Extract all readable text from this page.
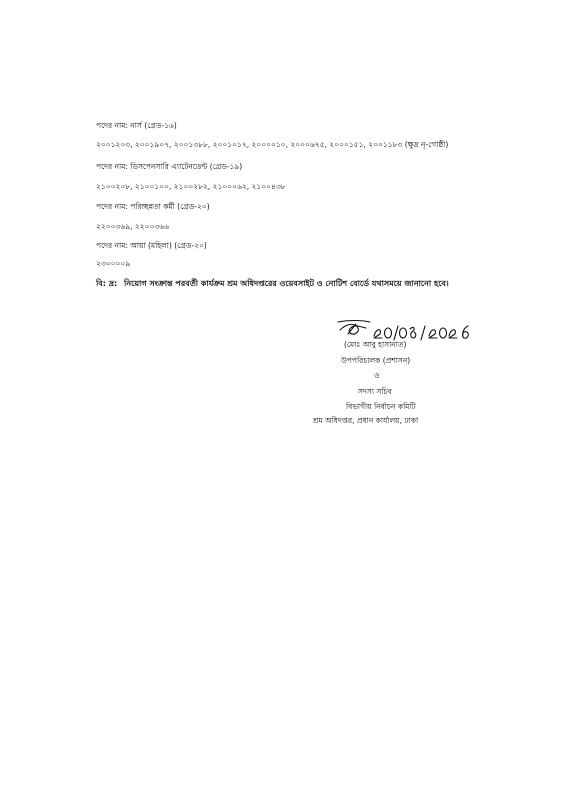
পদের নাম: নার্স (গ্রেড-১৬)
২০০১২০৩, ২০০১৯০৭, ২০০১৩৮৮, ২০০১০১৭, ২০০০০১০, ২০০০৬৭৫, ২০০০১৫১, ২০০১১৮৩ (ক্ষুদ্র নৃ-গোষ্ঠী)
পদের নাম: ডিসপেনসারি এ্যাটেনডেন্ট (গ্রেড-১৯)
২১০০২০৮, ২১০০১০০, ২১০০২৮২, ২১০০০৬২, ২১০০৪৩৮
পদের নাম: পরিচ্ছন্নতা কর্মী (গ্রেড-২০)
২২০০৩৬৯, ২২০০৩৬৬
পদের নাম: আয়া (মহিলা) (গ্রেড-২০)
২৩০০০০৯
বি: দ্র: নিয়োগ সংক্রান্ত পরবর্তী কার্যক্রম শ্রম অধিদপ্তরের ওয়েবসাইট ও নোটিশ বোর্ডে যথাসময়ে জানানো হবে।
(মোঃ আবু হাসানাত)
উপপরিচালক (প্রশাসন)
ও
সদস্য সচিব
বিভাগীয় নির্বাচন কমিটি
শ্রম অধিদপ্তর, প্রধান কার্যালয়, ঢাকা
